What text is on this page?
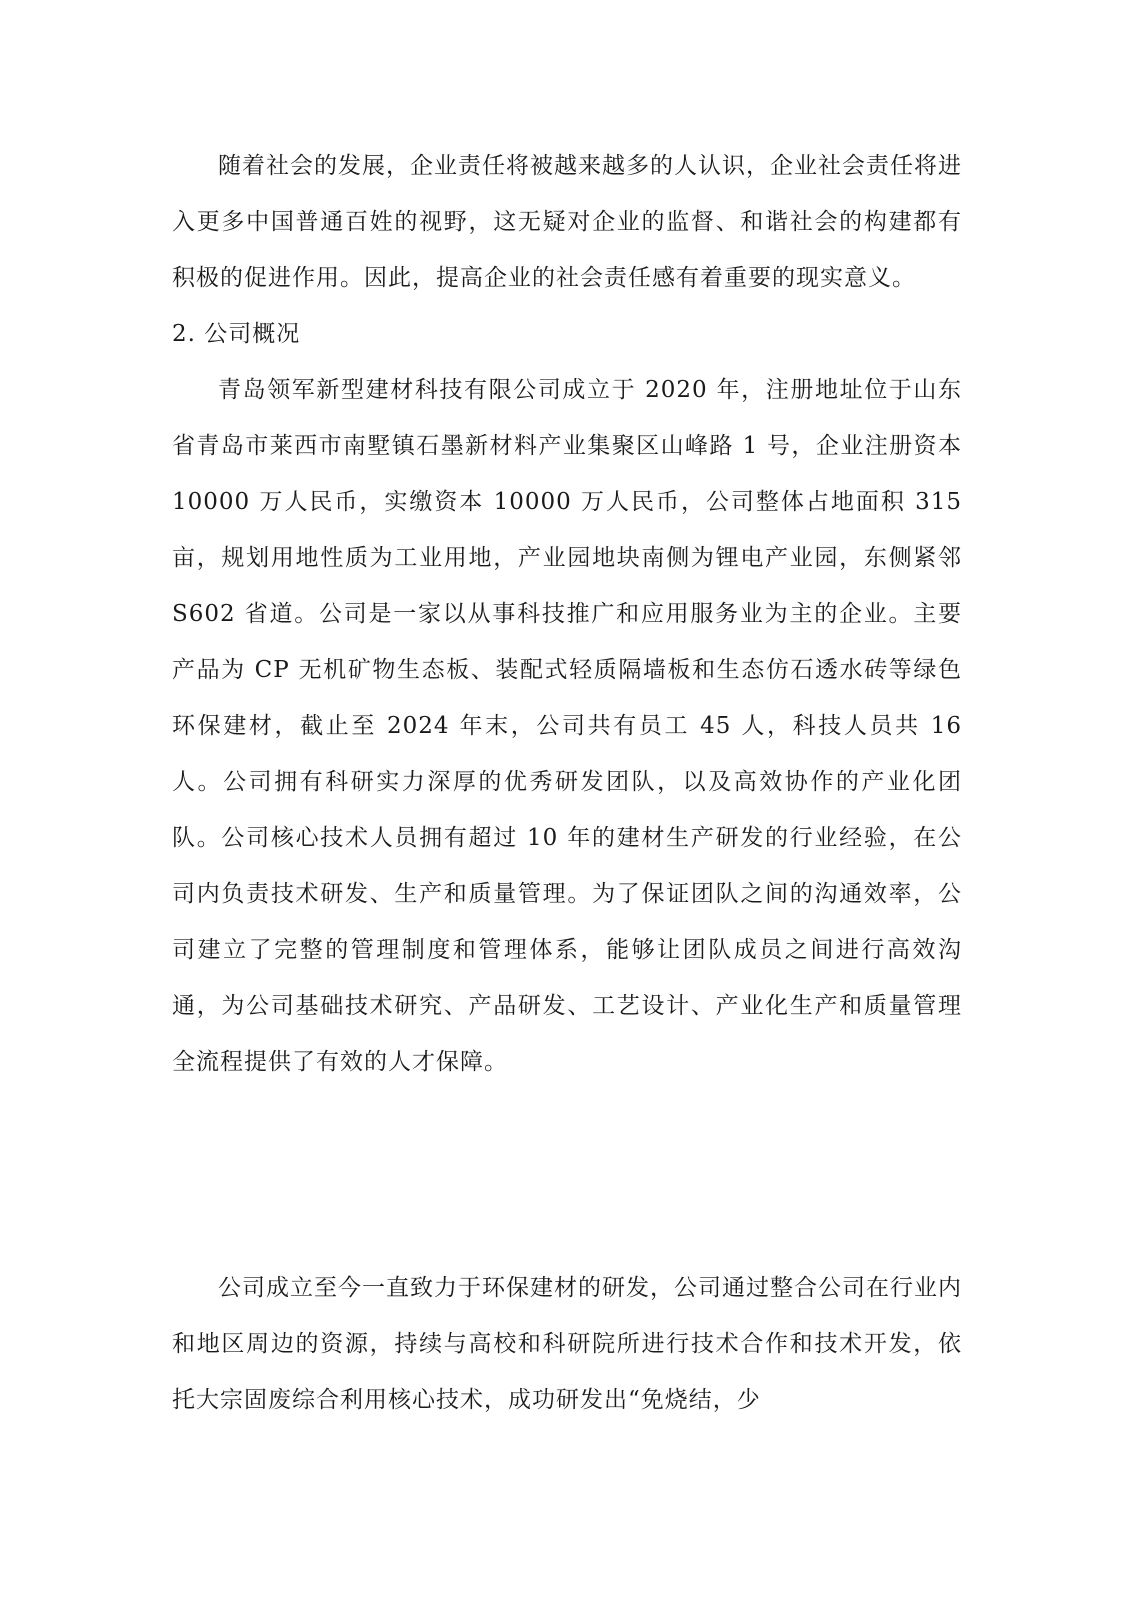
随着社会的发展，企业责任将被越来越多的人认识，企业社会责任将进入更多中国普通百姓的视野，这无疑对企业的监督、和谐社会的构建都有积极的促进作用。因此，提高企业的社会责任感有着重要的现实意义。

2. 公司概况

青岛领军新型建材科技有限公司成立于 2020 年，注册地址位于山东省青岛市莱西市南墅镇石墨新材料产业集聚区山峰路 1 号，企业注册资本 10000 万人民币，实缴资本 10000 万人民币，公司整体占地面积 315 亩，规划用地性质为工业用地，产业园地块南侧为锂电产业园，东侧紧邻 S602 省道。公司是一家以从事科技推广和应用服务业为主的企业。主要产品为 CP 无机矿物生态板、装配式轻质隔墙板和生态仿石透水砖等绿色环保建材，截止至 2024 年末，公司共有员工 45 人，科技人员共 16 人。公司拥有科研实力深厚的优秀研发团队，以及高效协作的产业化团队。公司核心技术人员拥有超过 10 年的建材生产研发的行业经验，在公司内负责技术研发、生产和质量管理。为了保证团队之间的沟通效率，公司建立了完整的管理制度和管理体系，能够让团队成员之间进行高效沟通，为公司基础技术研究、产品研发、工艺设计、产业化生产和质量管理全流程提供了有效的人才保障。

公司成立至今一直致力于环保建材的研发，公司通过整合公司在行业内和地区周边的资源，持续与高校和科研院所进行技术合作和技术开发，依托大宗固废综合利用核心技术，成功研发出“免烧结，少
